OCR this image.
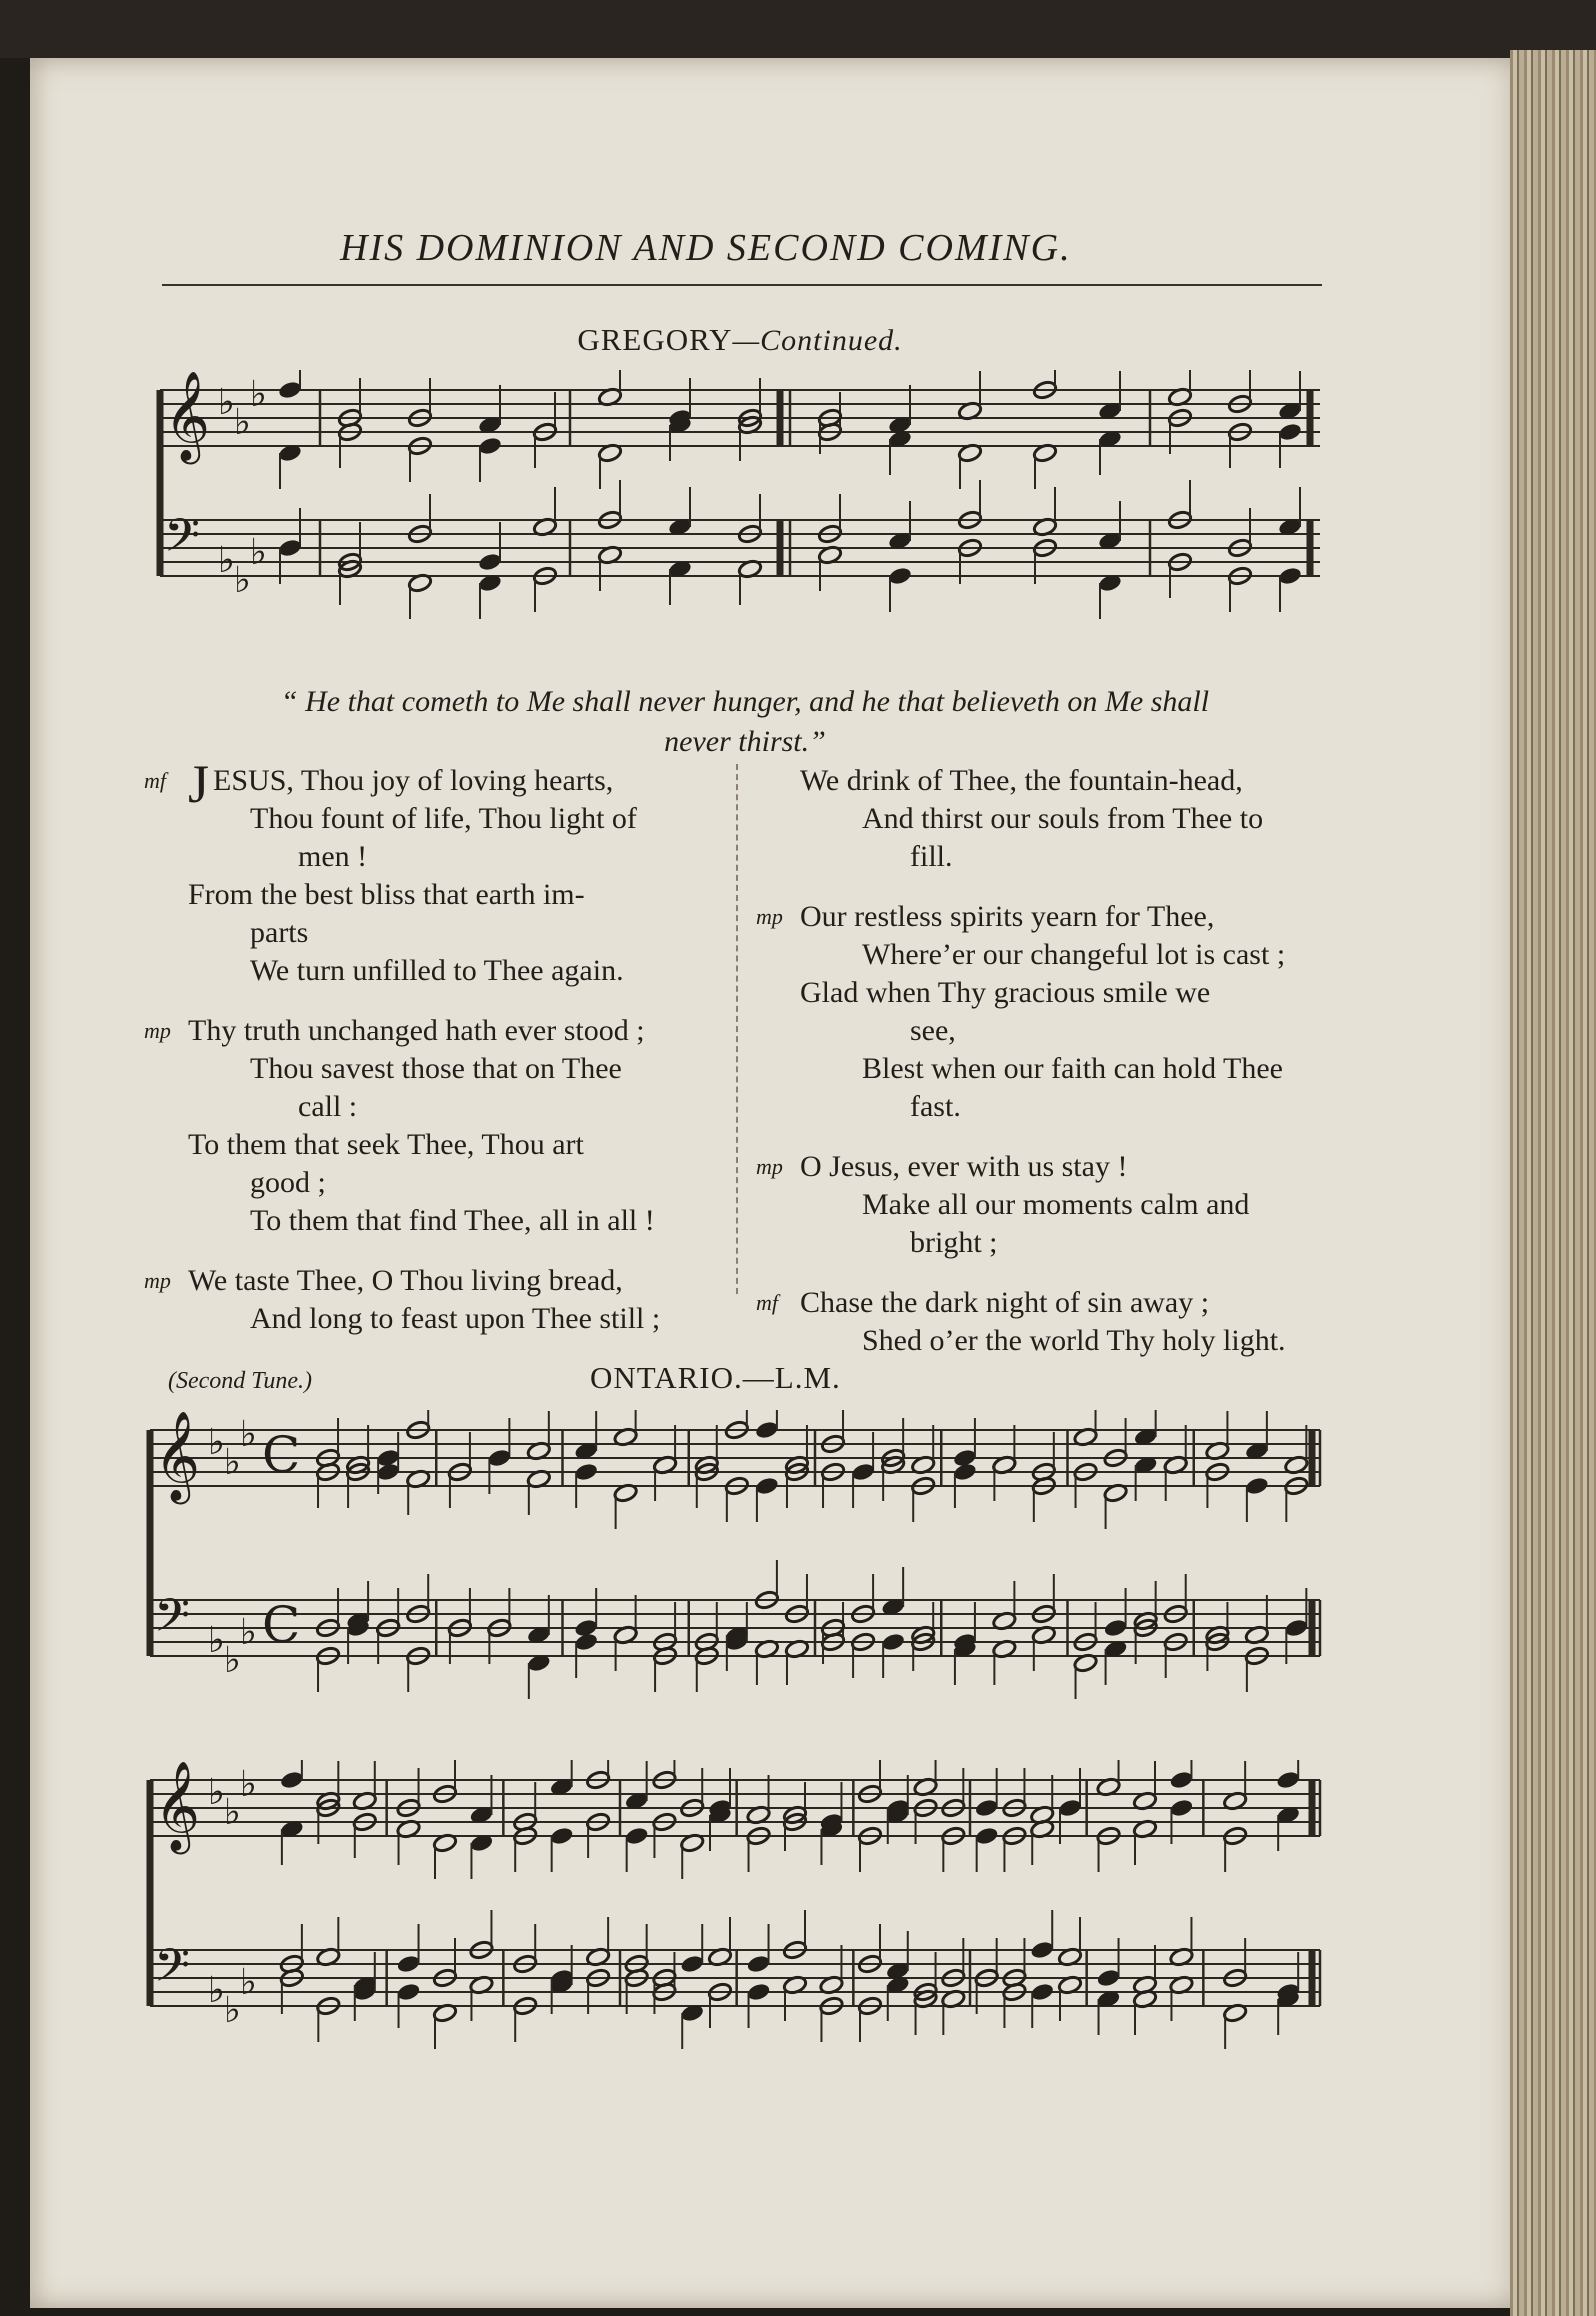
HIS DOMINION AND SECOND COMING.
GREGORY—Continued.
𝄞 ♭ ♭
♭
𝄢 ♭ ♭
♭
“ He that cometh to Me shall never hunger, and he that believeth on Me shall
never thirst.”
mf JESUS, Thou joy of loving hearts,

Thou fount of life, Thou light of

men !

From the best bliss that earth im-

parts

We turn unfilled to Thee again.

mp Thy truth unchanged hath ever stood ;

Thou savest those that on Thee

call :

To them that seek Thee, Thou art

good ;

To them that find Thee, all in all !

mp We taste Thee, O Thou living bread,

And long to feast upon Thee still ;

We drink of Thee, the fountain-head,

And thirst our souls from Thee to

fill.

mp Our restless spirits yearn for Thee,

Where’er our changeful lot is cast ;

Glad when Thy gracious smile we

see,

Blest when our faith can hold Thee

fast.

mp O Jesus, ever with us stay !

Make all our moments calm and

bright ;

mf Chase the dark night of sin away ;

Shed o’er the world Thy holy light.

(Second Tune.)	ONTARIO.—L.M.
𝄞 ♭ ♭
♭
𝄢 ♭ ♭
♭
C
C
𝄞 ♭ ♭
♭
𝄢 ♭ ♭
♭
